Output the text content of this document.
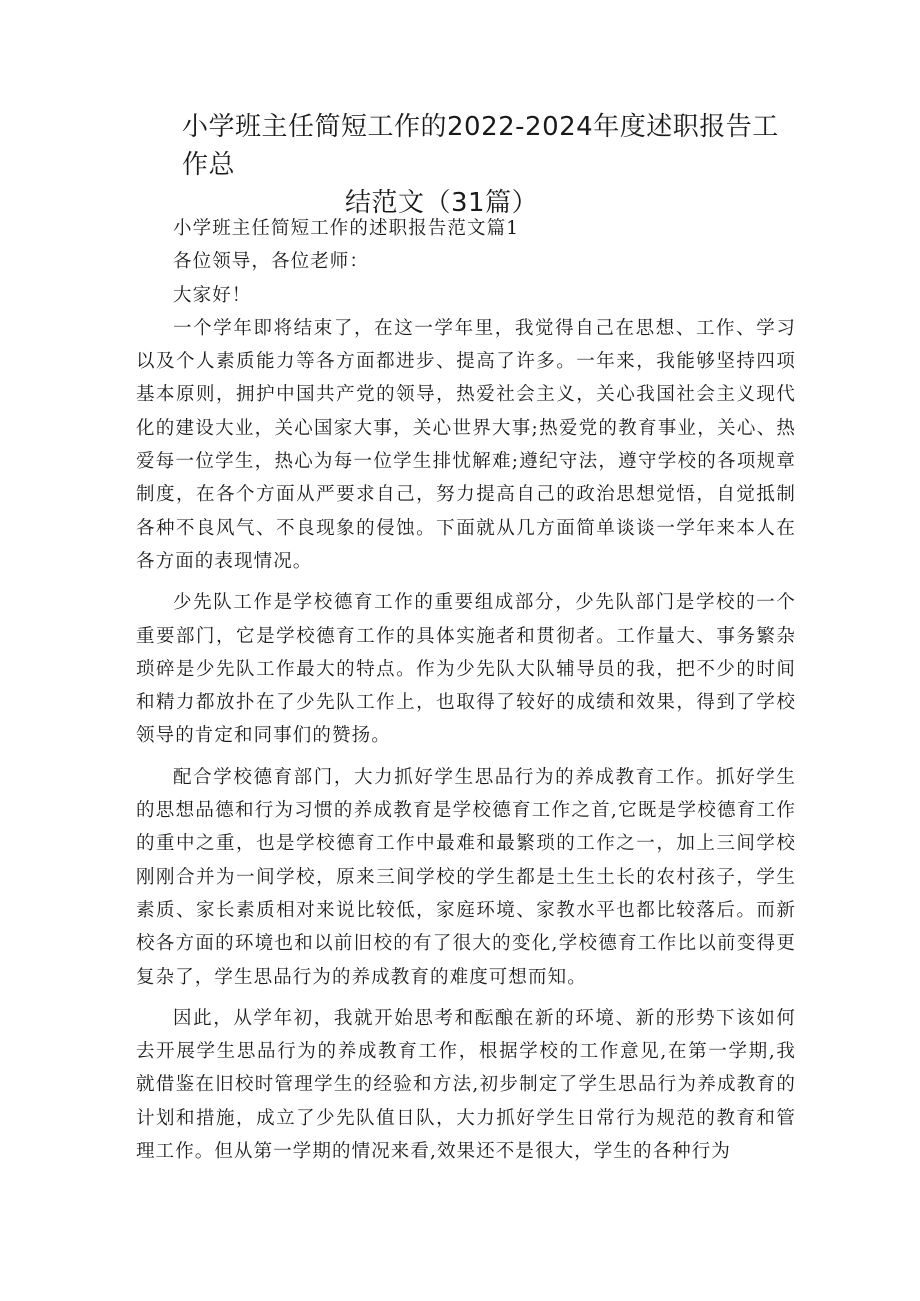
小学班主任简短工作的2022-2024年度述职报告工作总
结范文（31篇）

小学班主任简短工作的述职报告范文篇1

各位领导，各位老师：

大家好！

一个学年即将结束了，在这一学年里，我觉得自己在思想、工作、学习以及个人素质能力等各方面都进步、提高了许多。一年来，我能够坚持四项基本原则，拥护中国共产党的领导，热爱社会主义，关心我国社会主义现代化的建设大业，关心国家大事，关心世界大事;热爱党的教育事业，关心、热爱每一位学生，热心为每一位学生排忧解难;遵纪守法，遵守学校的各项规章制度，在各个方面从严要求自己，努力提高自己的政治思想觉悟，自觉抵制各种不良风气、不良现象的侵蚀。下面就从几方面简单谈谈一学年来本人在各方面的表现情况。

少先队工作是学校德育工作的重要组成部分，少先队部门是学校的一个重要部门，它是学校德育工作的具体实施者和贯彻者。工作量大、事务繁杂琐碎是少先队工作最大的特点。作为少先队大队辅导员的我，把不少的时间和精力都放扑在了少先队工作上，也取得了较好的成绩和效果，得到了学校领导的肯定和同事们的赞扬。

配合学校德育部门，大力抓好学生思品行为的养成教育工作。抓好学生的思想品德和行为习惯的养成教育是学校德育工作之首,它既是学校德育工作的重中之重，也是学校德育工作中最难和最繁琐的工作之一，加上三间学校刚刚合并为一间学校，原来三间学校的学生都是土生土长的农村孩子，学生素质、家长素质相对来说比较低，家庭环境、家教水平也都比较落后。而新校各方面的环境也和以前旧校的有了很大的变化,学校德育工作比以前变得更复杂了，学生思品行为的养成教育的难度可想而知。

因此，从学年初，我就开始思考和酝酿在新的环境、新的形势下该如何去开展学生思品行为的养成教育工作，根据学校的工作意见,在第一学期,我就借鉴在旧校时管理学生的经验和方法,初步制定了学生思品行为养成教育的计划和措施，成立了少先队值日队，大力抓好学生日常行为规范的教育和管理工作。但从第一学期的情况来看,效果还不是很大，学生的各种行为
